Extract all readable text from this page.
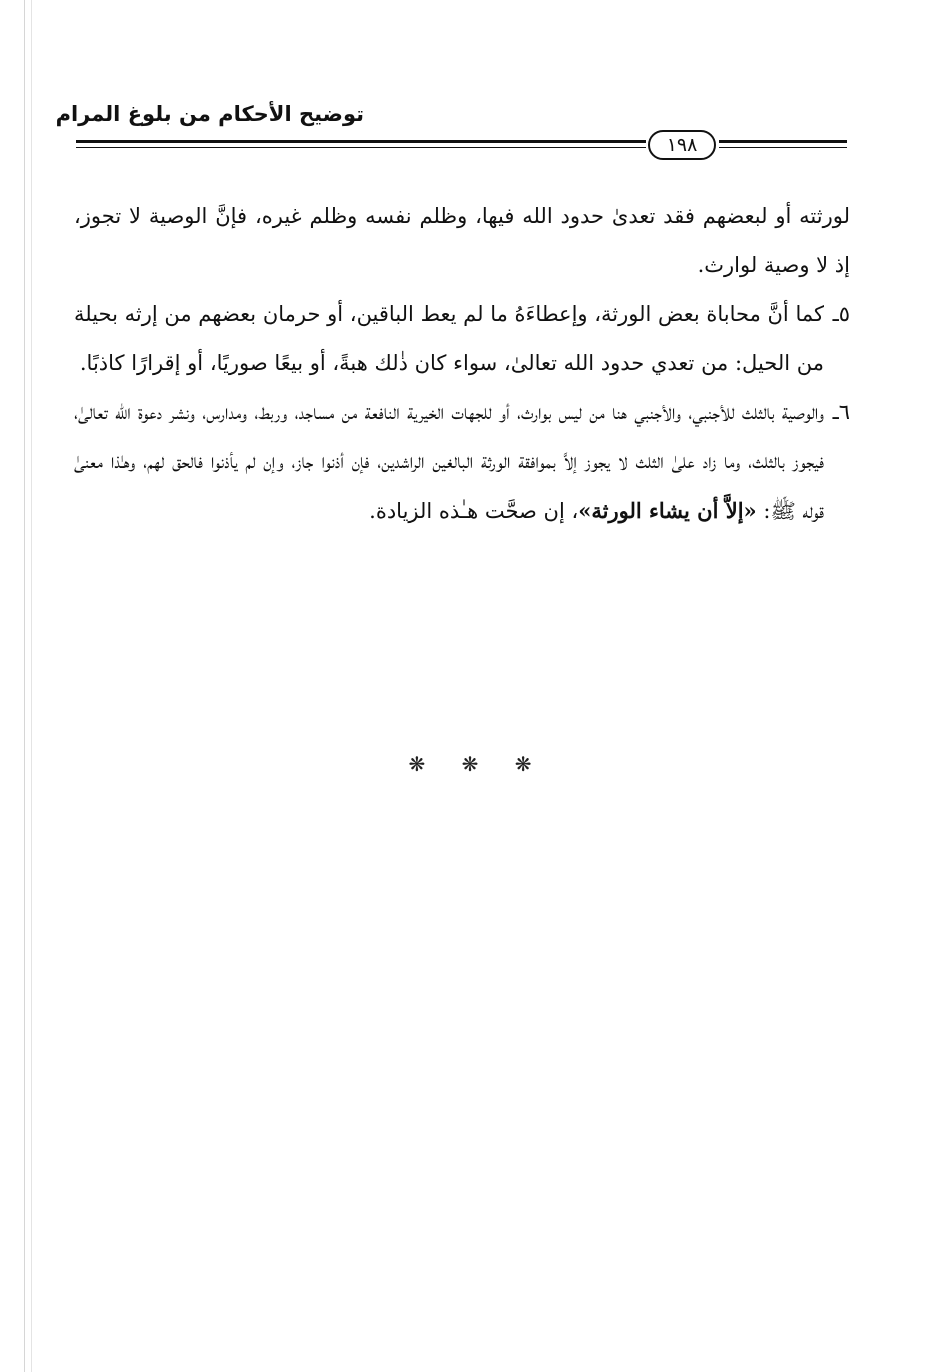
توضيح الأحكام من بلوغ المرام
١٩٨

لورثته أو لبعضهم فقد تعدىٰ حدود الله فيها، وظلم نفسه وظلم غيره، فإنَّ الوصية لا تجوز، إذ لا وصية لوارث.

٥ـ
كما أنَّ محاباة بعض الورثة، وإعطاءَهُ ما لم يعط الباقين، أو حرمان بعضهم من إرثه بحيلة من الحيل: من تعدي حدود الله تعالىٰ، سواء كان ذٰلك هبةً، أو بيعًا صوريًا، أو إقرارًا كاذبًا.
٦ـ
والوصية بالثلث للأجنبي، والأجنبي هنا من ليس بوارث، أو للجهات الخيرية النافعة من مساجد، وربط، ومدارس، ونشر دعوة الله تعالىٰ، فيجوز بالثلث، وما زاد علىٰ الثلث لا يجوز إلاَّ بموافقة الورثة البالغين الراشدين، فإن أذنوا جاز، وإن لم يأذنوا فالحق لهم، وهـٰذا معنىٰ قوله ﷺ: «إلاَّ أن يشاء الورثة»، إن صحَّت هـٰذه الزيادة.
❋ ❋ ❋
